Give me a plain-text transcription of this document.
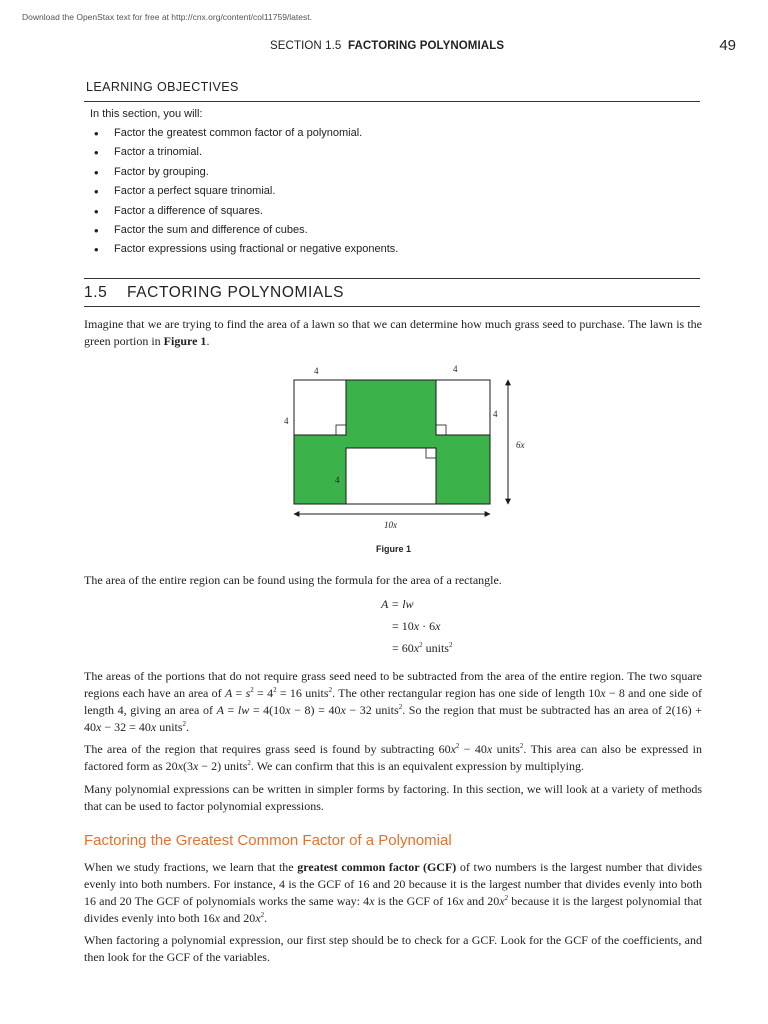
Download the OpenStax text for free at http://cnx.org/content/col11759/latest.
SECTION 1.5 FACTORING POLYNOMIALS	49
LEARNING OBJECTIVES
In this section, you will:
• Factor the greatest common factor of a polynomial.
• Factor a trinomial.
• Factor by grouping.
• Factor a perfect square trinomial.
• Factor a difference of squares.
• Factor the sum and difference of cubes.
• Factor expressions using fractional or negative exponents.
1.5 FACTORING POLYNOMIALS

Imagine that we are trying to find the area of a lawn so that we can determine how much grass seed to purchase. The lawn is the green portion in Figure 1.

4	4
4
4
4
6x
10x
Figure 1

The area of the entire region can be found using the formula for the area of a rectangle.

A = lw
= 10x · 6x
= $60x^2$ units$^2$

The areas of the portions that do not require grass seed need to be subtracted from the area of the entire region. The two square regions each have an area of $A = s^2 = 4^2 = 16$ units$^2$. The other rectangular region has one side of length 10x − 8 and one side of length 4, giving an area of A = lw = 4(10x − 8) = 40x − 32 units$^2$. So the region that must be subtracted has an area of 2(16) + 40x − 32 = 40x units$^2$.

The area of the region that requires grass seed is found by subtracting $60x^2 - 40x$ units$^2$. This area can also be expressed in factored form as 20x(3x − 2) units$^2$. We can confirm that this is an equivalent expression by multiplying.

Many polynomial expressions can be written in simpler forms by factoring. In this section, we will look at a variety of methods that can be used to factor polynomial expressions.

Factoring the Greatest Common Factor of a Polynomial

When we study fractions, we learn that the greatest common factor (GCF) of two numbers is the largest number that divides evenly into both numbers. For instance, 4 is the GCF of 16 and 20 because it is the largest number that divides evenly into both 16 and 20 The GCF of polynomials works the same way: 4x is the GCF of 16x and $20x^2$ because it is the largest polynomial that divides evenly into both 16x and $20x^2$.

When factoring a polynomial expression, our first step should be to check for a GCF. Look for the GCF of the coefficients, and then look for the GCF of the variables.
